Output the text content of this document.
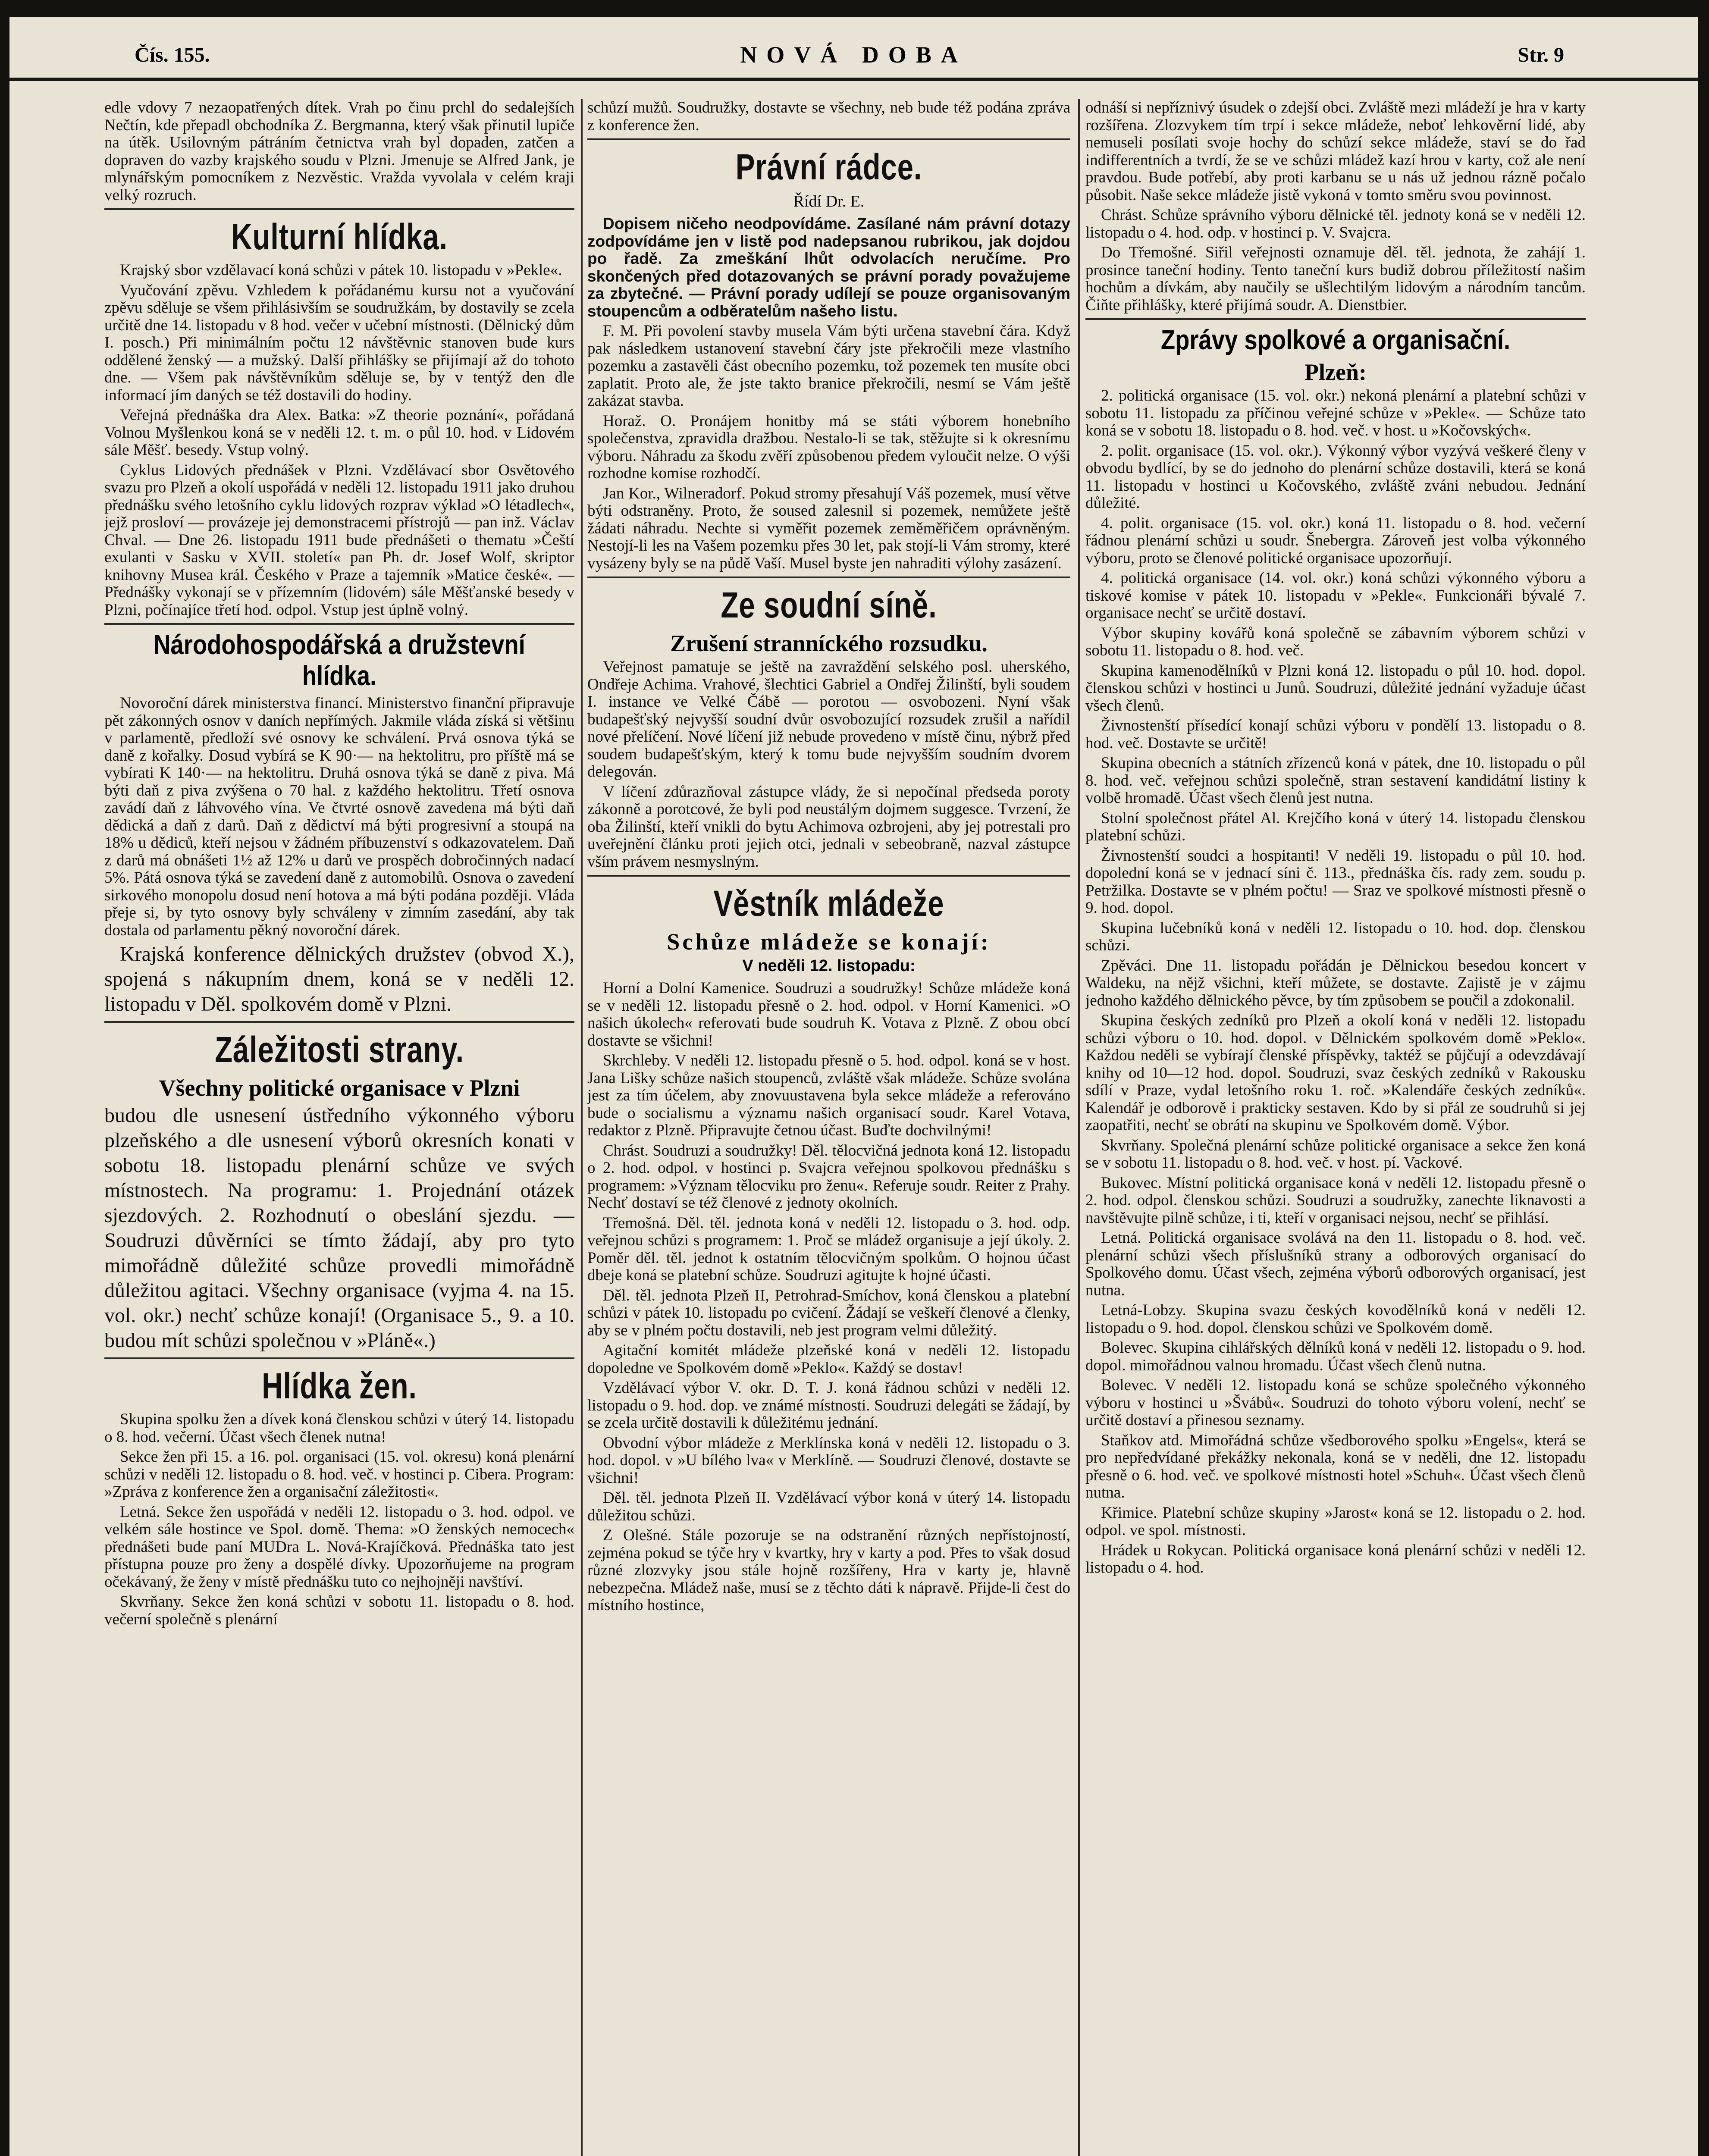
Čís. 155.	NOVÁ DOBA	Str. 9

edle vdovy 7 nezaopatřených dítek. Vrah po činu prchl do sedalejších Nečtín, kde přepadl obchodníka Z. Bergmanna, který však přinutil lupiče na útěk. Usilovným pátráním četnictva vrah byl dopaden, zatčen a dopraven do vazby krajského soudu v Plzni. Jmenuje se Alfred Jank, je mlynářským pomocníkem z Nezvěstic. Vražda vyvolala v celém kraji velký rozruch.

Kulturní hlídka.

Krajský sbor vzdělavací koná schůzi v pátek 10. listopadu v »Pekle«.

Vyučování zpěvu. Vzhledem k pořádanému kursu not a vyučování zpěvu sděluje se všem přihlásivším se soudružkám, by dostavily se zcela určitě dne 14. listopadu v 8 hod. večer v učební místnosti. (Dělnický dům I. posch.) Při minimálním počtu 12 návštěvnic stanoven bude kurs oddělené ženský — a mužský. Další přihlášky se přijímají až do tohoto dne. — Všem pak návštěvníkům sděluje se, by v tentýž den dle informací jím daných se též dostavili do hodiny.

Veřejná přednáška dra Alex. Batka: »Z theorie poznání«, pořádaná Volnou Myšlenkou koná se v neděli 12. t. m. o půl 10. hod. v Lidovém sále Měšť. besedy. Vstup volný.

Cyklus Lidových přednášek v Plzni. Vzdělávací sbor Osvětového svazu pro Plzeň a okolí uspořádá v neděli 12. listopadu 1911 jako druhou přednášku svého letošního cyklu lidových rozprav výklad »O létadlech«, jejž prosloví — provázeje jej demonstracemi přístrojů — pan inž. Václav Chval. — Dne 26. listopadu 1911 bude přednášeti o thematu »Čeští exulanti v Sasku v XVII. století« pan Ph. dr. Josef Wolf, skriptor knihovny Musea král. Českého v Praze a tajemník »Matice české«. — Přednášky vykonají se v přízemním (lidovém) sále Měšťanské besedy v Plzni, počínajíce třetí hod. odpol. Vstup jest úplně volný.

Národohospodářská a družstevní hlídka.

Novoroční dárek ministerstva financí. Ministerstvo finanční připravuje pět zákonných osnov v daních nepřímých. Jakmile vláda získá si většinu v parlamentě, předloží své osnovy ke schválení. Prvá osnova týká se daně z kořalky. Dosud vybírá se K 90·— na hektolitru, pro příště má se vybírati K 140·— na hektolitru. Druhá osnova týká se daně z piva. Má býti daň z piva zvýšena o 70 hal. z každého hektolitru. Třetí osnova zavádí daň z láhvového vína. Ve čtvrté osnově zavedena má býti daň dědická a daň z darů. Daň z dědictví má býti progresivní a stoupá na 18% u dědiců, kteří nejsou v žádném příbuzenství s odkazovatelem. Daň z darů má obnášeti 1½ až 12% u darů ve prospěch dobročinných nadací 5%. Pátá osnova týká se zavedení daně z automobilů. Osnova o zavedení sirkového monopolu dosud není hotova a má býti podána později. Vláda přeje si, by tyto osnovy byly schváleny v zimním zasedání, aby tak dostala od parlamentu pěkný novoroční dárek.

Krajská konference dělnických družstev (obvod X.), spojená s nákupním dnem, koná se v neděli 12. listopadu v Děl. spolkovém domě v Plzni.

Záležitosti strany.
Všechny politické organisace v Plzni

budou dle usnesení ústředního výkonného výboru plzeňského a dle usnesení výborů okresních konati v sobotu 18. listopadu plenární schůze ve svých místnostech. Na programu: 1. Projednání otázek sjezdových. 2. Rozhodnutí o obeslání sjezdu. — Soudruzi důvěrníci se tímto žádají, aby pro tyto mimořádně důležité schůze provedli mimořádně důležitou agitaci. Všechny organisace (vyjma 4. na 15. vol. okr.) nechť schůze konají! (Organisace 5., 9. a 10. budou mít schůzi společnou v »Pláně«.)

Hlídka žen.

Skupina spolku žen a dívek koná členskou schůzi v úterý 14. listopadu o 8. hod. večerní. Účast všech členek nutna!

Sekce žen při 15. a 16. pol. organisaci (15. vol. okresu) koná plenární schůzi v neděli 12. listopadu o 8. hod. več. v hostinci p. Cibera. Program: »Zpráva z konference žen a organisační záležitosti«.

Letná. Sekce žen uspořádá v neděli 12. listopadu o 3. hod. odpol. ve velkém sále hostince ve Spol. domě. Thema: »O ženských nemocech« přednášeti bude paní MUDra L. Nová-Krajíčková. Přednáška tato jest přístupna pouze pro ženy a dospělé dívky. Upozorňujeme na program očekávaný, že ženy v místě přednášku tuto co nejhojněji navštíví.

Skvrňany. Sekce žen koná schůzi v sobotu 11. listopadu o 8. hod. večerní společně s plenární

schůzí mužů. Soudružky, dostavte se všechny, neb bude též podána zpráva z konference žen.

Právní rádce.
Řídí Dr. E.

Dopisem ničeho neodpovídáme. Zasílané nám právní dotazy zodpovídáme jen v listě pod nadepsanou rubrikou, jak dojdou po řadě. Za zmeškání lhůt odvolacích neručíme. Pro skončených před dotazovaných se právní porady považujeme za zbytečné. — Právní porady udílejí se pouze organisovaným stoupencům a odběratelům našeho listu.

F. M. Při povolení stavby musela Vám býti určena stavební čára. Když pak následkem ustanovení stavební čáry jste překročili meze vlastního pozemku a zastavěli část obecního pozemku, tož pozemek ten musíte obci zaplatit. Proto ale, že jste takto branice překročili, nesmí se Vám ještě zakázat stavba.

Horaž. O. Pronájem honitby má se státi výborem honebního společenstva, zpravidla dražbou. Nestalo-li se tak, stěžujte si k okresnímu výboru. Náhradu za škodu zvěří způsobenou předem vyloučit nelze. O výši rozhodne komise rozhodčí.

Jan Kor., Wilneradorf. Pokud stromy přesahují Váš pozemek, musí větve býti odstraněny. Proto, že soused zalesnil si pozemek, nemůžete ještě žádati náhradu. Nechte si vyměřit pozemek zeměměřičem oprávněným. Nestojí-li les na Vašem pozemku přes 30 let, pak stojí-li Vám stromy, které vysázeny byly se na půdě Vaší. Musel byste jen nahraditi výlohy zasázení.

Ze soudní síně.
Zrušení stranníckého rozsudku.

Veřejnost pamatuje se ještě na zavraždění selského posl. uherského, Ondřeje Achima. Vrahové, šlechtici Gabriel a Ondřej Žilinští, byli soudem I. instance ve Velké Čábě — porotou — osvobozeni. Nyní však budapešťský nejvyšší soudní dvůr osvobozující rozsudek zrušil a nařídil nové přelíčení. Nové líčení již nebude provedeno v místě činu, nýbrž před soudem budapešťským, který k tomu bude nejvyšším soudním dvorem delegován.

V líčení zdůrazňoval zástupce vlády, že si nepočínal předseda poroty zákonně a porotcové, že byli pod neustálým dojmem suggesce. Tvrzení, že oba Žilinští, kteří vnikli do bytu Achimova ozbrojeni, aby jej potrestali pro uveřejnění článku proti jejich otci, jednali v sebeobraně, nazval zástupce vším právem nesmyslným.

Věstník mládeže
Schůze mládeže se konají:
V neděli 12. listopadu:

Horní a Dolní Kamenice. Soudruzi a soudružky! Schůze mládeže koná se v neděli 12. listopadu přesně o 2. hod. odpol. v Horní Kamenici. »O našich úkolech« referovati bude soudruh K. Votava z Plzně. Z obou obcí dostavte se všichni!

Skrchleby. V neděli 12. listopadu přesně o 5. hod. odpol. koná se v host. Jana Lišky schůze našich stoupenců, zvláště však mládeže. Schůze svolána jest za tím účelem, aby znovuustavena byla sekce mládeže a referováno bude o socialismu a významu našich organisací soudr. Karel Votava, redaktor z Plzně. Připravujte četnou účast. Buďte dochvilnými!

Chrást. Soudruzi a soudružky! Děl. tělocvičná jednota koná 12. listopadu o 2. hod. odpol. v hostinci p. Svajcra veřejnou spolkovou přednášku s programem: »Význam tělocviku pro ženu«. Referuje soudr. Reiter z Prahy. Nechť dostaví se též členové z jednoty okolních.

Třemošná. Děl. těl. jednota koná v neděli 12. listopadu o 3. hod. odp. veřejnou schůzi s programem: 1. Proč se mládež organisuje a její úkoly. 2. Poměr děl. těl. jednot k ostatním tělocvičným spolkům. O hojnou účast dbeje koná se platební schůze. Soudruzi agitujte k hojné účasti.

Děl. těl. jednota Plzeň II, Petrohrad-Smíchov, koná členskou a platební schůzi v pátek 10. listopadu po cvičení. Žádají se veškeří členové a členky, aby se v plném počtu dostavili, neb jest program velmi důležitý.

Agitační komitét mládeže plzeňské koná v neděli 12. listopadu dopoledne ve Spolkovém domě »Peklo«. Každý se dostav!

Vzdělávací výbor V. okr. D. T. J. koná řádnou schůzi v neděli 12. listopadu o 9. hod. dop. ve známé místnosti. Soudruzi delegáti se žádají, by se zcela určitě dostavili k důležitému jednání.

Obvodní výbor mládeže z Merklínska koná v neděli 12. listopadu o 3. hod. dopol. v »U bílého lva« v Merklíně. — Soudruzi členové, dostavte se všichni!

Děl. těl. jednota Plzeň II. Vzdělávací výbor koná v úterý 14. listopadu důležitou schůzi.

Z Olešné. Stále pozoruje se na odstranění různých nepřístojností, zejména pokud se týče hry v kvartky, hry v karty a pod. Přes to však dosud různé zlozvyky jsou stále hojně rozšířeny, Hra v karty je, hlavně nebezpečna. Mládež naše, musí se z těchto dáti k nápravě. Přijde-li čest do místního hostince,

odnáší si nepříznivý úsudek o zdejší obci. Zvláště mezi mládeží je hra v karty rozšířena. Zlozvykem tím trpí i sekce mládeže, neboť lehkověrní lidé, aby nemuseli posílati svoje hochy do schůzí sekce mládeže, staví se do řad indifferentních a tvrdí, že se ve schůzi mládež kazí hrou v karty, což ale není pravdou. Bude potřebí, aby proti karbanu se u nás už jednou rázně počalo působit. Naše sekce mládeže jistě vykoná v tomto směru svou povinnost.

Chrást. Schůze správního výboru dělnické těl. jednoty koná se v neděli 12. listopadu o 4. hod. odp. v hostinci p. V. Svajcra.

Do Třemošné. Siřil veřejnosti oznamuje děl. těl. jednota, že zahájí 1. prosince taneční hodiny. Tento taneční kurs budiž dobrou příležitostí našim hochům a dívkám, aby naučily se ušlechtilým lidovým a národním tancům. Čiňte přihlášky, které přijímá soudr. A. Dienstbier.

Zprávy spolkové a organisační.
Plzeň:

2. politická organisace (15. vol. okr.) nekoná plenární a platební schůzi v sobotu 11. listopadu za příčinou veřejné schůze v »Pekle«. — Schůze tato koná se v sobotu 18. listopadu o 8. hod. več. v host. u »Kočovských«.

2. polit. organisace (15. vol. okr.). Výkonný výbor vyzývá veškeré členy v obvodu bydlící, by se do jednoho do plenární schůze dostavili, která se koná 11. listopadu v hostinci u Kočovského, zvláště zváni nebudou. Jednání důležité.

4. polit. organisace (15. vol. okr.) koná 11. listopadu o 8. hod. večerní řádnou plenární schůzi u soudr. Šnebergra. Zároveň jest volba výkonného výboru, proto se členové politické organisace upozorňují.

4. politická organisace (14. vol. okr.) koná schůzi výkonného výboru a tiskové komise v pátek 10. listopadu v »Pekle«. Funkcionáři bývalé 7. organisace nechť se určitě dostaví.

Výbor skupiny kovářů koná společně se zábavním výborem schůzi v sobotu 11. listopadu o 8. hod. več.

Skupina kamenodělníků v Plzni koná 12. listopadu o půl 10. hod. dopol. členskou schůzi v hostinci u Junů. Soudruzi, důležité jednání vyžaduje účast všech členů.

Živnostenští přísedící konají schůzi výboru v pondělí 13. listopadu o 8. hod. več. Dostavte se určitě!

Skupina obecních a státních zřízenců koná v pátek, dne 10. listopadu o půl 8. hod. več. veřejnou schůzi společně, stran sestavení kandidátní listiny k volbě hromadě. Účast všech členů jest nutna.

Stolní společnost přátel Al. Krejčího koná v úterý 14. listopadu členskou platební schůzi.

Živnostenští soudci a hospitanti! V neděli 19. listopadu o půl 10. hod. dopolední koná se v jednací síni č. 113., přednáška čís. rady zem. soudu p. Petržilka. Dostavte se v plném počtu! — Sraz ve spolkové místnosti přesně o 9. hod. dopol.

Skupina lučebníků koná v neděli 12. listopadu o 10. hod. dop. členskou schůzi.

Zpěváci. Dne 11. listopadu pořádán je Dělnickou besedou koncert v Waldeku, na nějž všichni, kteří můžete, se dostavte. Zajistě je v zájmu jednoho každého dělnického pěvce, by tím způsobem se poučil a zdokonalil.

Skupina českých zedníků pro Plzeň a okolí koná v neděli 12. listopadu schůzi výboru o 10. hod. dopol. v Dělnickém spolkovém domě »Peklo«. Každou neděli se vybírají členské příspěvky, taktéž se půjčují a odevzdávají knihy od 10—12 hod. dopol. Soudruzi, svaz českých zedníků v Rakousku sdílí v Praze, vydal letošního roku 1. roč. »Kalendáře českých zedníků«. Kalendář je odborově i prakticky sestaven. Kdo by si přál ze soudruhů si jej zaopatřiti, nechť se obrátí na skupinu ve Spolkovém domě. Výbor.

Skvrňany. Společná plenární schůze politické organisace a sekce žen koná se v sobotu 11. listopadu o 8. hod. več. v host. pí. Vackové.

Bukovec. Místní politická organisace koná v neděli 12. listopadu přesně o 2. hod. odpol. členskou schůzi. Soudruzi a soudružky, zanechte liknavosti a navštěvujte pilně schůze, i ti, kteří v organisaci nejsou, nechť se přihlásí.

Letná. Politická organisace svolává na den 11. listopadu o 8. hod. več. plenární schůzi všech příslušníků strany a odborových organisací do Spolkového domu. Účast všech, zejména výborů odborových organisací, jest nutna.

Letná-Lobzy. Skupina svazu českých kovodělníků koná v neděli 12. listopadu o 9. hod. dopol. členskou schůzi ve Spolkovém domě.

Bolevec. Skupina cihlářských dělníků koná v neděli 12. listopadu o 9. hod. dopol. mimořádnou valnou hromadu. Účast všech členů nutna.

Bolevec. V neděli 12. listopadu koná se schůze společného výkonného výboru v hostinci u »Švábů«. Soudruzi do tohoto výboru volení, nechť se určitě dostaví a přinesou seznamy.

Staňkov atd. Mimořádná schůze všedborového spolku »Engels«, která se pro nepředvídané překážky nekonala, koná se v neděli, dne 12. listopadu přesně o 6. hod. več. ve spolkové místnosti hotel »Schuh«. Účast všech členů nutna.

Křimice. Platební schůze skupiny »Jarost« koná se 12. listopadu o 2. hod. odpol. ve spol. místnosti.

Hrádek u Rokycan. Politická organisace koná plenární schůzi v neděli 12. listopadu o 4. hod.
